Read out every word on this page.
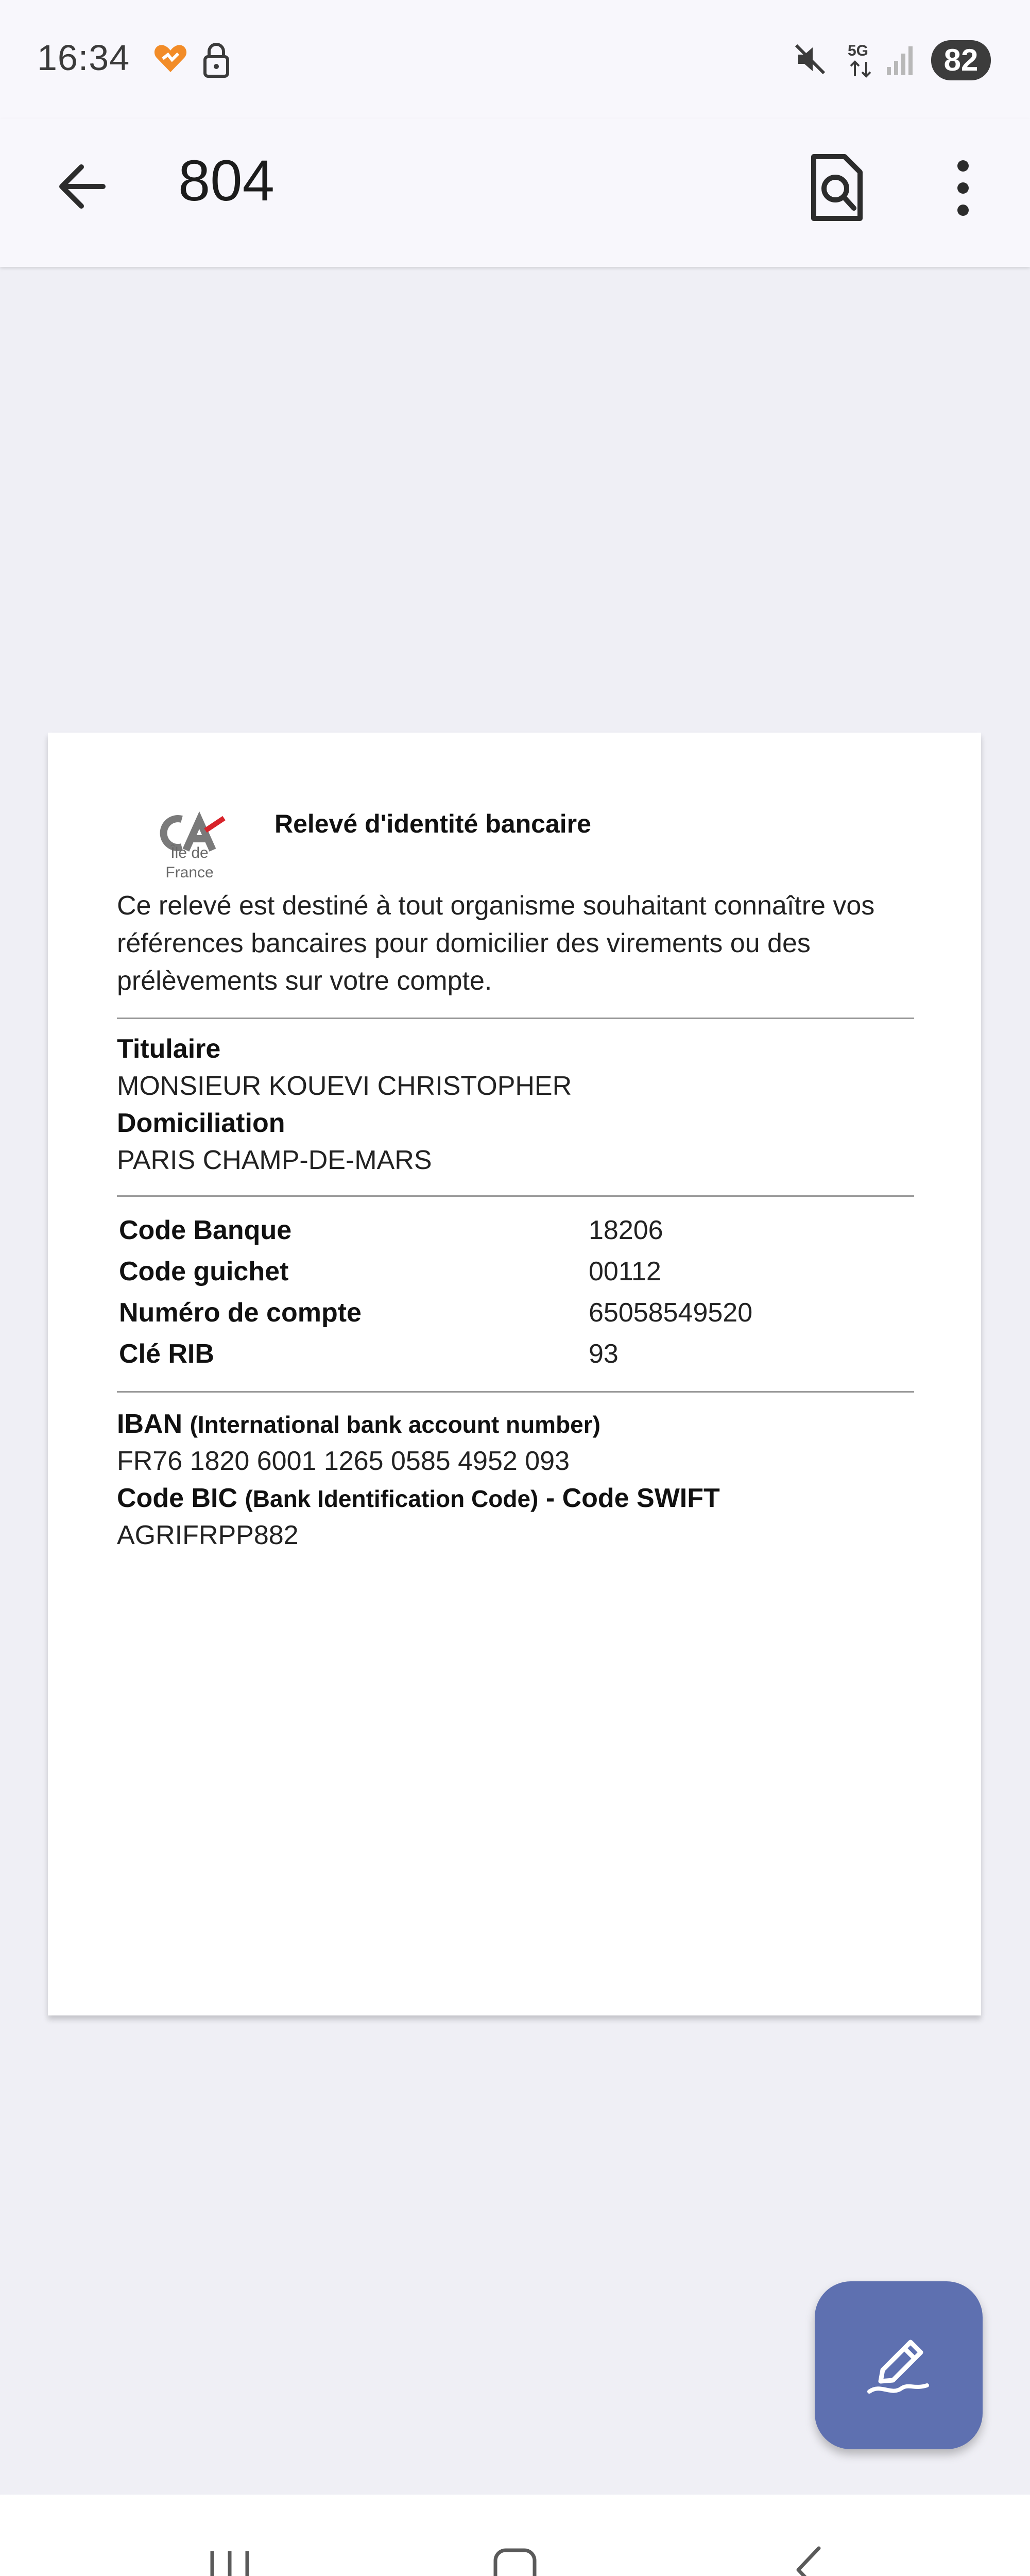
16:34	5G	82
804
Île de
France
Relevé d'identité bancaire
Ce relevé est destiné à tout organisme souhaitant connaître vos
références bancaires pour domicilier des virements ou des
prélèvements sur votre compte.
Titulaire
MONSIEUR KOUEVI CHRISTOPHER
Domiciliation
PARIS CHAMP-DE-MARS
Code Banque	18206
Code guichet	00112
Numéro de compte	65058549520
Clé RIB	93
IBAN (International bank account number)
FR76 1820 6001 1265 0585 4952 093
Code BIC (Bank Identification Code) - Code SWIFT
AGRIFRPP882
